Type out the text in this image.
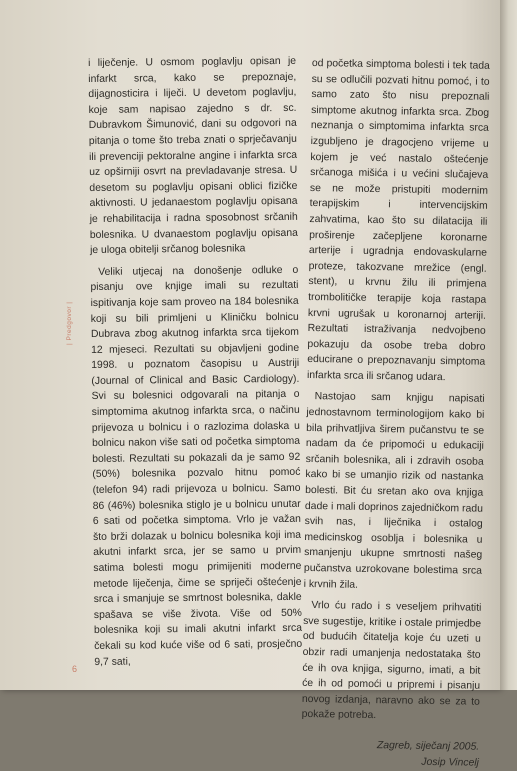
| Predgovor |

i liječenje. U osmom poglavlju opisan je infarkt srca, kako se prepoznaje, dijagnosticira i liječi. U devetom poglavlju, koje sam napisao zajedno s dr. sc. Dubravkom Šimunović, dani su odgovori na pitanja o tome što treba znati o sprječavanju ili prevenciji pektoralne angine i infarkta srca uz opširniji osvrt na prevladavanje stresa. U desetom su poglavlju opisani oblici fizičke aktivnosti. U jedanaestom poglavlju opisana je rehabilitacija i radna sposobnost srčanih bolesnika. U dvanaestom poglavlju opisana je uloga obitelji srčanog bolesnika

Veliki utjecaj na donošenje odluke o pisanju ove knjige imali su rezultati ispitivanja koje sam proveo na 184 bolesnika koji su bili primljeni u Kliničku bolnicu Dubrava zbog akutnog infarkta srca tijekom 12 mjeseci. Rezultati su objavljeni godine 1998. u poznatom časopisu u Austriji (Journal of Clinical and Basic Cardiology). Svi su bolesnici odgovarali na pitanja o simptomima akutnog infarkta srca, o načinu prijevoza u bolnicu i o razlozima dolaska u bolnicu nakon više sati od početka simptoma bolesti. Rezultati su pokazali da je samo 92 (50%) bolesnika pozvalo hitnu pomoć (telefon 94) radi prijevoza u bolnicu. Samo 86 (46%) bolesnika stiglo je u bolnicu unutar 6 sati od početka simptoma. Vrlo je važan što brži dolazak u bolnicu bolesnika koji ima akutni infarkt srca, jer se samo u prvim satima bolesti mogu primijeniti moderne metode liječenja, čime se spriječi oštećenje srca i smanjuje se smrtnost bolesnika, dakle spašava se više života. Više od 50% bolesnika koji su imali akutni infarkt srca čekali su kod kuće više od 6 sati, prosječno 9,7 sati,

od početka simptoma bolesti i tek tada su se odlučili pozvati hitnu pomoć, i to samo zato što nisu prepoznali simptome akutnog infarkta srca. Zbog neznanja o simptomima infarkta srca izgubljeno je dragocjeno vrijeme u kojem je već nastalo oštećenje srčanoga mišića i u većini slučajeva se ne može pristupiti modernim terapijskim i intervencijskim zahvatima, kao što su dilatacija ili proširenje začepljene koronarne arterije i ugradnja endovaskularne proteze, takozvane mrežice (engl. stent), u krvnu žilu ili primjena trombolitičke terapije koja rastapa krvni ugrušak u koronarnoj arteriji. Rezultati istraživanja nedvojbeno pokazuju da osobe treba dobro educirane o prepoznavanju simptoma infarkta srca ili srčanog udara.

Nastojao sam knjigu napisati jednostavnom terminologijom kako bi bila prihvatljiva širem pučanstvu te se nadam da će pripomoći u edukaciji srčanih bolesnika, ali i zdravih osoba kako bi se umanjio rizik od nastanka bolesti. Bit ću sretan ako ova knjiga dade i mali doprinos zajedničkom radu svih nas, i liječnika i ostalog medicinskog osoblja i bolesnika u smanjenju ukupne smrtnosti našeg pučanstva uzrokovane bolestima srca i krvnih žila.

Vrlo ću rado i s veseljem prihvatiti sve sugestije, kritike i ostale primjedbe od budućih čitatelja koje ću uzeti u obzir radi umanjenja nedostataka što će ih ova knjiga, sigurno, imati, a bit će ih od pomoći u pripremi i pisanju novog izdanja, naravno ako se za to pokaže potreba.

Zagreb, siječanj 2005.
Josip Vincelj
6
